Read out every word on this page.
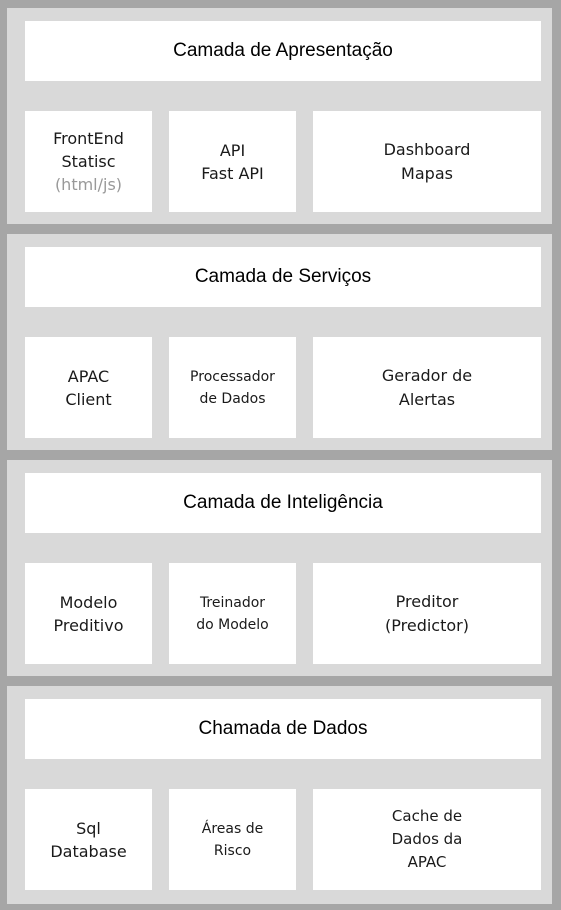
Camada de Apresentação
FrontEnd
Statisc
(html/js)
API
Fast API
Dashboard
Mapas
Camada de Serviços
APAC
Client
Processador
de Dados
Gerador de
Alertas
Camada de Inteligência
Modelo
Preditivo
Treinador
do Modelo
Preditor
(Predictor)
Chamada de Dados
Sql
Database
Áreas de
Risco
Cache de
Dados da
APAC
